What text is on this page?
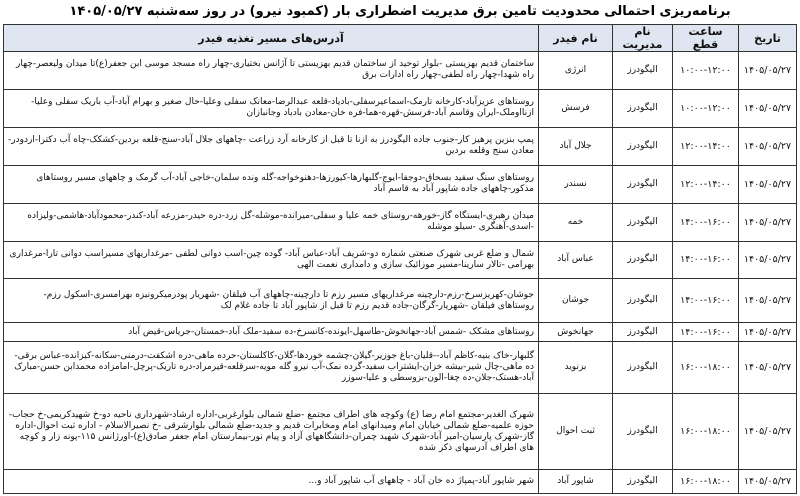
برنامه‌ریزی احتمالی محدودیت تامین برق مدیریت اضطراری بار (کمبود نیرو) در روز سه‌شنبه ۱۴۰۵/۰۵/۲۷
تاریخ	ساعت قطع	نام مدیریت	نام فیدر	آدرس‌های مسیر تغذیه فیدر
۱۴۰۵/۰۵/۲۷	۱۰:۰۰-۱۲:۰۰	الیگودرز	انرژی	ساختمان قدیم بهزیستی -بلوار توحید از ساختمان قدیم بهزیستی تا آژانس بختیاری-چهار راه مسجد موسی ابن جعفر(ع)تا میدان ولیعصر-چهار راه شهدا-چهار راه لطفی-چهار راه ادارات برق
۱۴۰۵/۰۵/۲۷	۱۰:۰۰-۱۲:۰۰	الیگودرز	فرسش	روستاهای عزیزآباد-کارخانه تارمک-اسماعیرسفلی-بادیاد-قلعه عبدالرضا-معانک سفلی وعلیا-حال صغیر و بهرام آباد-آب باریک سفلی وعلیا-ازنااوملک-ایران وقاسم آباد-فرسش-قهره-هما-فره خان-معادن بادیاد وجانبازان
۱۴۰۵/۰۵/۲۷	۱۲:۰۰-۱۴:۰۰	الیگودرز	جلال آباد	پمپ بنزین پرهیز کار-جنوب جاده الیگودرز به ازنا تا قبل از کارخانه آرد زراعت -چاههای جلال آباد-سنج-قلعه بردین-کشکک-چاه آب دکترا-اردودر-معادن سنج وقلعه بردین
۱۴۰۵/۰۵/۲۷	۱۲:۰۰-۱۴:۰۰	الیگودرز	نسندر	روستاهای سنگ سفید بسحاق-دوجفا-ایوج-گلبهارها-کیورزها-دهنوخواجه-گله ونده سلمان-خاجی آباد-آب گرمک و چاههای مسیر روستاهای مذکور-چاههای جاده شاپور آباد به قاسم آباد
۱۴۰۵/۰۵/۲۷	۱۴:۰۰-۱۶:۰۰	الیگودرز	خمه	میدان رهبری-ایستگاه گاز-خورهه-روستای خمه علیا و سفلی-میرانده-موشله-گل زرد-دره حیدر-مزرعه آباد-کندر-محمودآباد-هاشمی-ولیزاده -اسدی-آهنگری -سیلو موشله
۱۴۰۵/۰۵/۲۷	۱۴:۰۰-۱۶:۰۰	الیگودرز	عباس آباد	شمال و ضلع غربی شهرک صنعتی شماره دو-شریف آباد-عباس آباد- گوده چین-اسب دوانی لطفی -مرغداریهای مسیراسب دوانی تارا-مرغداری بهرامی -تالار سارینا-مسیر موزائیک سازی و دامداری نعمت الهی
۱۴۰۵/۰۵/۲۷	۱۴:۰۰-۱۶:۰۰	الیگودرز	جوشان	جوشان-کهریزسرخ-رزم-دارچینه مرغداریهای مسیر رزم تا دارچینه-چاههای آب فیلقان -شهریار پودرمیکرونیزه بهرامسری-اسکول رزم-روستاهای فیلقان -شهریار-گرگان-جاده قدیم رزم تا قبل از شاپور آباد تا جاده غلام لک
۱۴۰۵/۰۵/۲۷	۱۴:۰۰-۱۶:۰۰	الیگودرز	جهانخوش	روستاهای مشکک -شمس آباد-جهانخوش-طاسهل-ایونده-کانسرخ-ده سفید-ملک آباد-خمستان-جریاس-قیض آباد
۱۴۰۵/۰۵/۲۷	۱۶:۰۰-۱۸:۰۰	الیگودرز	بزنوید	گلبهار-خاک بنیه-کاظم آباد--قلیان-باغ جوزیر-گیلان-چشمه خوردها-گلان-کاکلستان-حرده ماهی-دره اشکفت-درمنی-سکانه-کیزانده-عباس برقی-ده ماهی-چال شیر-بیشه خزان-ایشتراب سفید-گرده نمک-آب نیرو گله مویه-سرقلعه-قیرمراد-دره تاریک-پرچل-امامزاده محمدابن حسن-مبارک آباد-هستک-جلان-ده چغا-الون-بزوسطی و علیا-سوزر
۱۴۰۵/۰۵/۲۷	۱۶:۰۰-۱۸:۰۰	الیگودرز	ثبت احوال	شهرک الغدیر-مجتمع امام رضا (ع) وکوچه های اطراف مجتمع -ضلع شمالی بلوارغربی-اداره ارشاد-شهرداری ناحیه دو-خ شهیدکریمی-خ حجاب-حوزه علمیه-ضلع شمالی خیابان امام ومیدانهای امام ومخابرات قدیم و جدید-ضلع شمالی بلوارشرقی -خ نصیرالاسلام - اداره ثبت احوال-اداره گاز-شهرک پارسیان-امیر آباد-شهرک شهید چمران-دانشگاههای آزاد و پیام نور-بیمارستان امام جعفر صادق(ع)-اورژانس ۱۱۵-پونه زار و کوچه های اطراف آدرسهای ذکر شده
۱۴۰۵/۰۵/۲۷	۱۶:۰۰-۱۸:۰۰	الیگودرز	شاپور آباد	شهر شاپور آباد-پمپاژ ده خان آباد - چاههای آب شاپور آباد و...
